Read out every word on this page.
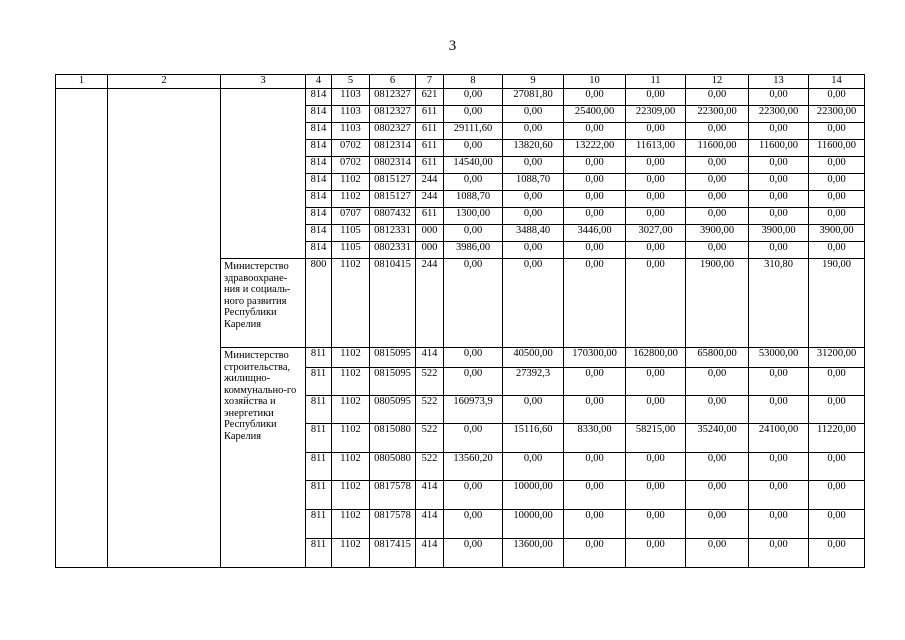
3
1	2	3	4	5	6	7	8	9	10	11	12	13	14
			814	1103	0812327	621	0,00	27081,80	0,00	0,00	0,00	0,00	0,00
			814	1103	0812327	611	0,00	0,00	25400,00	22309,00	22300,00	22300,00	22300,00
			814	1103	0802327	611	29111,60	0,00	0,00	0,00	0,00	0,00	0,00
			814	0702	0812314	611	0,00	13820,60	13222,00	11613,00	11600,00	11600,00	11600,00
			814	0702	0802314	611	14540,00	0,00	0,00	0,00	0,00	0,00	0,00
			814	1102	0815127	244	0,00	1088,70	0,00	0,00	0,00	0,00	0,00
			814	1102	0815127	244	1088,70	0,00	0,00	0,00	0,00	0,00	0,00
			814	0707	0807432	611	1300,00	0,00	0,00	0,00	0,00	0,00	0,00
			814	1105	0812331	000	0,00	3488,40	3446,00	3027,00	3900,00	3900,00	3900,00
			814	1105	0802331	000	3986,00	0,00	0,00	0,00	0,00	0,00	0,00
		Министерство здравоохране-ния и социаль-ного развития Республики Карелия	800	1102	0810415	244	0,00	0,00	0,00	0,00	1900,00	310,80	190,00
		Министерство строительства, жилищно-коммунально-го хозяйства и энергетики Республики Карелия	811	1102	0815095	414	0,00	40500,00	170300,00	162800,00	65800,00	53000,00	31200,00
			811	1102	0815095	522	0,00	27392,3	0,00	0,00	0,00	0,00	0,00
			811	1102	0805095	522	160973,9	0,00	0,00	0,00	0,00	0,00	0,00
			811	1102	0815080	522	0,00	15116,60	8330,00	58215,00	35240,00	24100,00	11220,00
			811	1102	0805080	522	13560,20	0,00	0,00	0,00	0,00	0,00	0,00
			811	1102	0817578	414	0,00	10000,00	0,00	0,00	0,00	0,00	0,00
			811	1102	0817578	414	0,00	10000,00	0,00	0,00	0,00	0,00	0,00
			811	1102	0817415	414	0,00	13600,00	0,00	0,00	0,00	0,00	0,00
